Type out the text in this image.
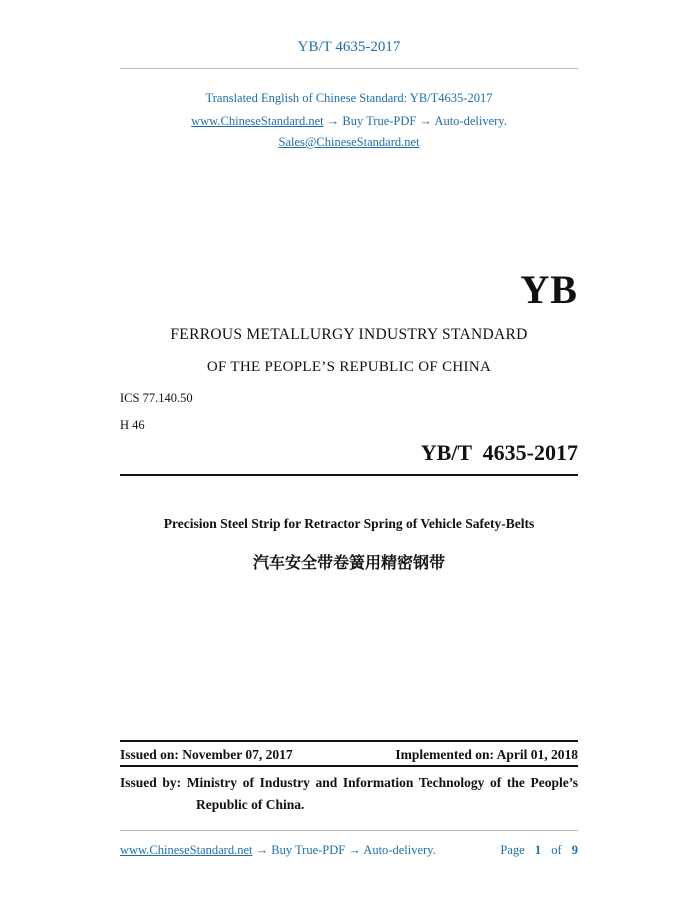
YB/T 4635-2017
Translated English of Chinese Standard: YB/T4635-2017
www.ChineseStandard.net → Buy True-PDF → Auto-delivery.
Sales@ChineseStandard.net
YB
FERROUS METALLURGY INDUSTRY STANDARD
OF THE PEOPLE’S REPUBLIC OF CHINA
ICS 77.140.50
H 46
YB/T  4635-2017
Precision Steel Strip for Retractor Spring of Vehicle Safety-Belts
汽车安全带卷簧用精密钢带
Issued on: November 07, 2017	Implemented on: April 01, 2018
Issued by: Ministry of Industry and Information Technology of the People’s
Republic of China.
www.ChineseStandard.net → Buy True-PDF → Auto-delivery.	Page 1 of 9
